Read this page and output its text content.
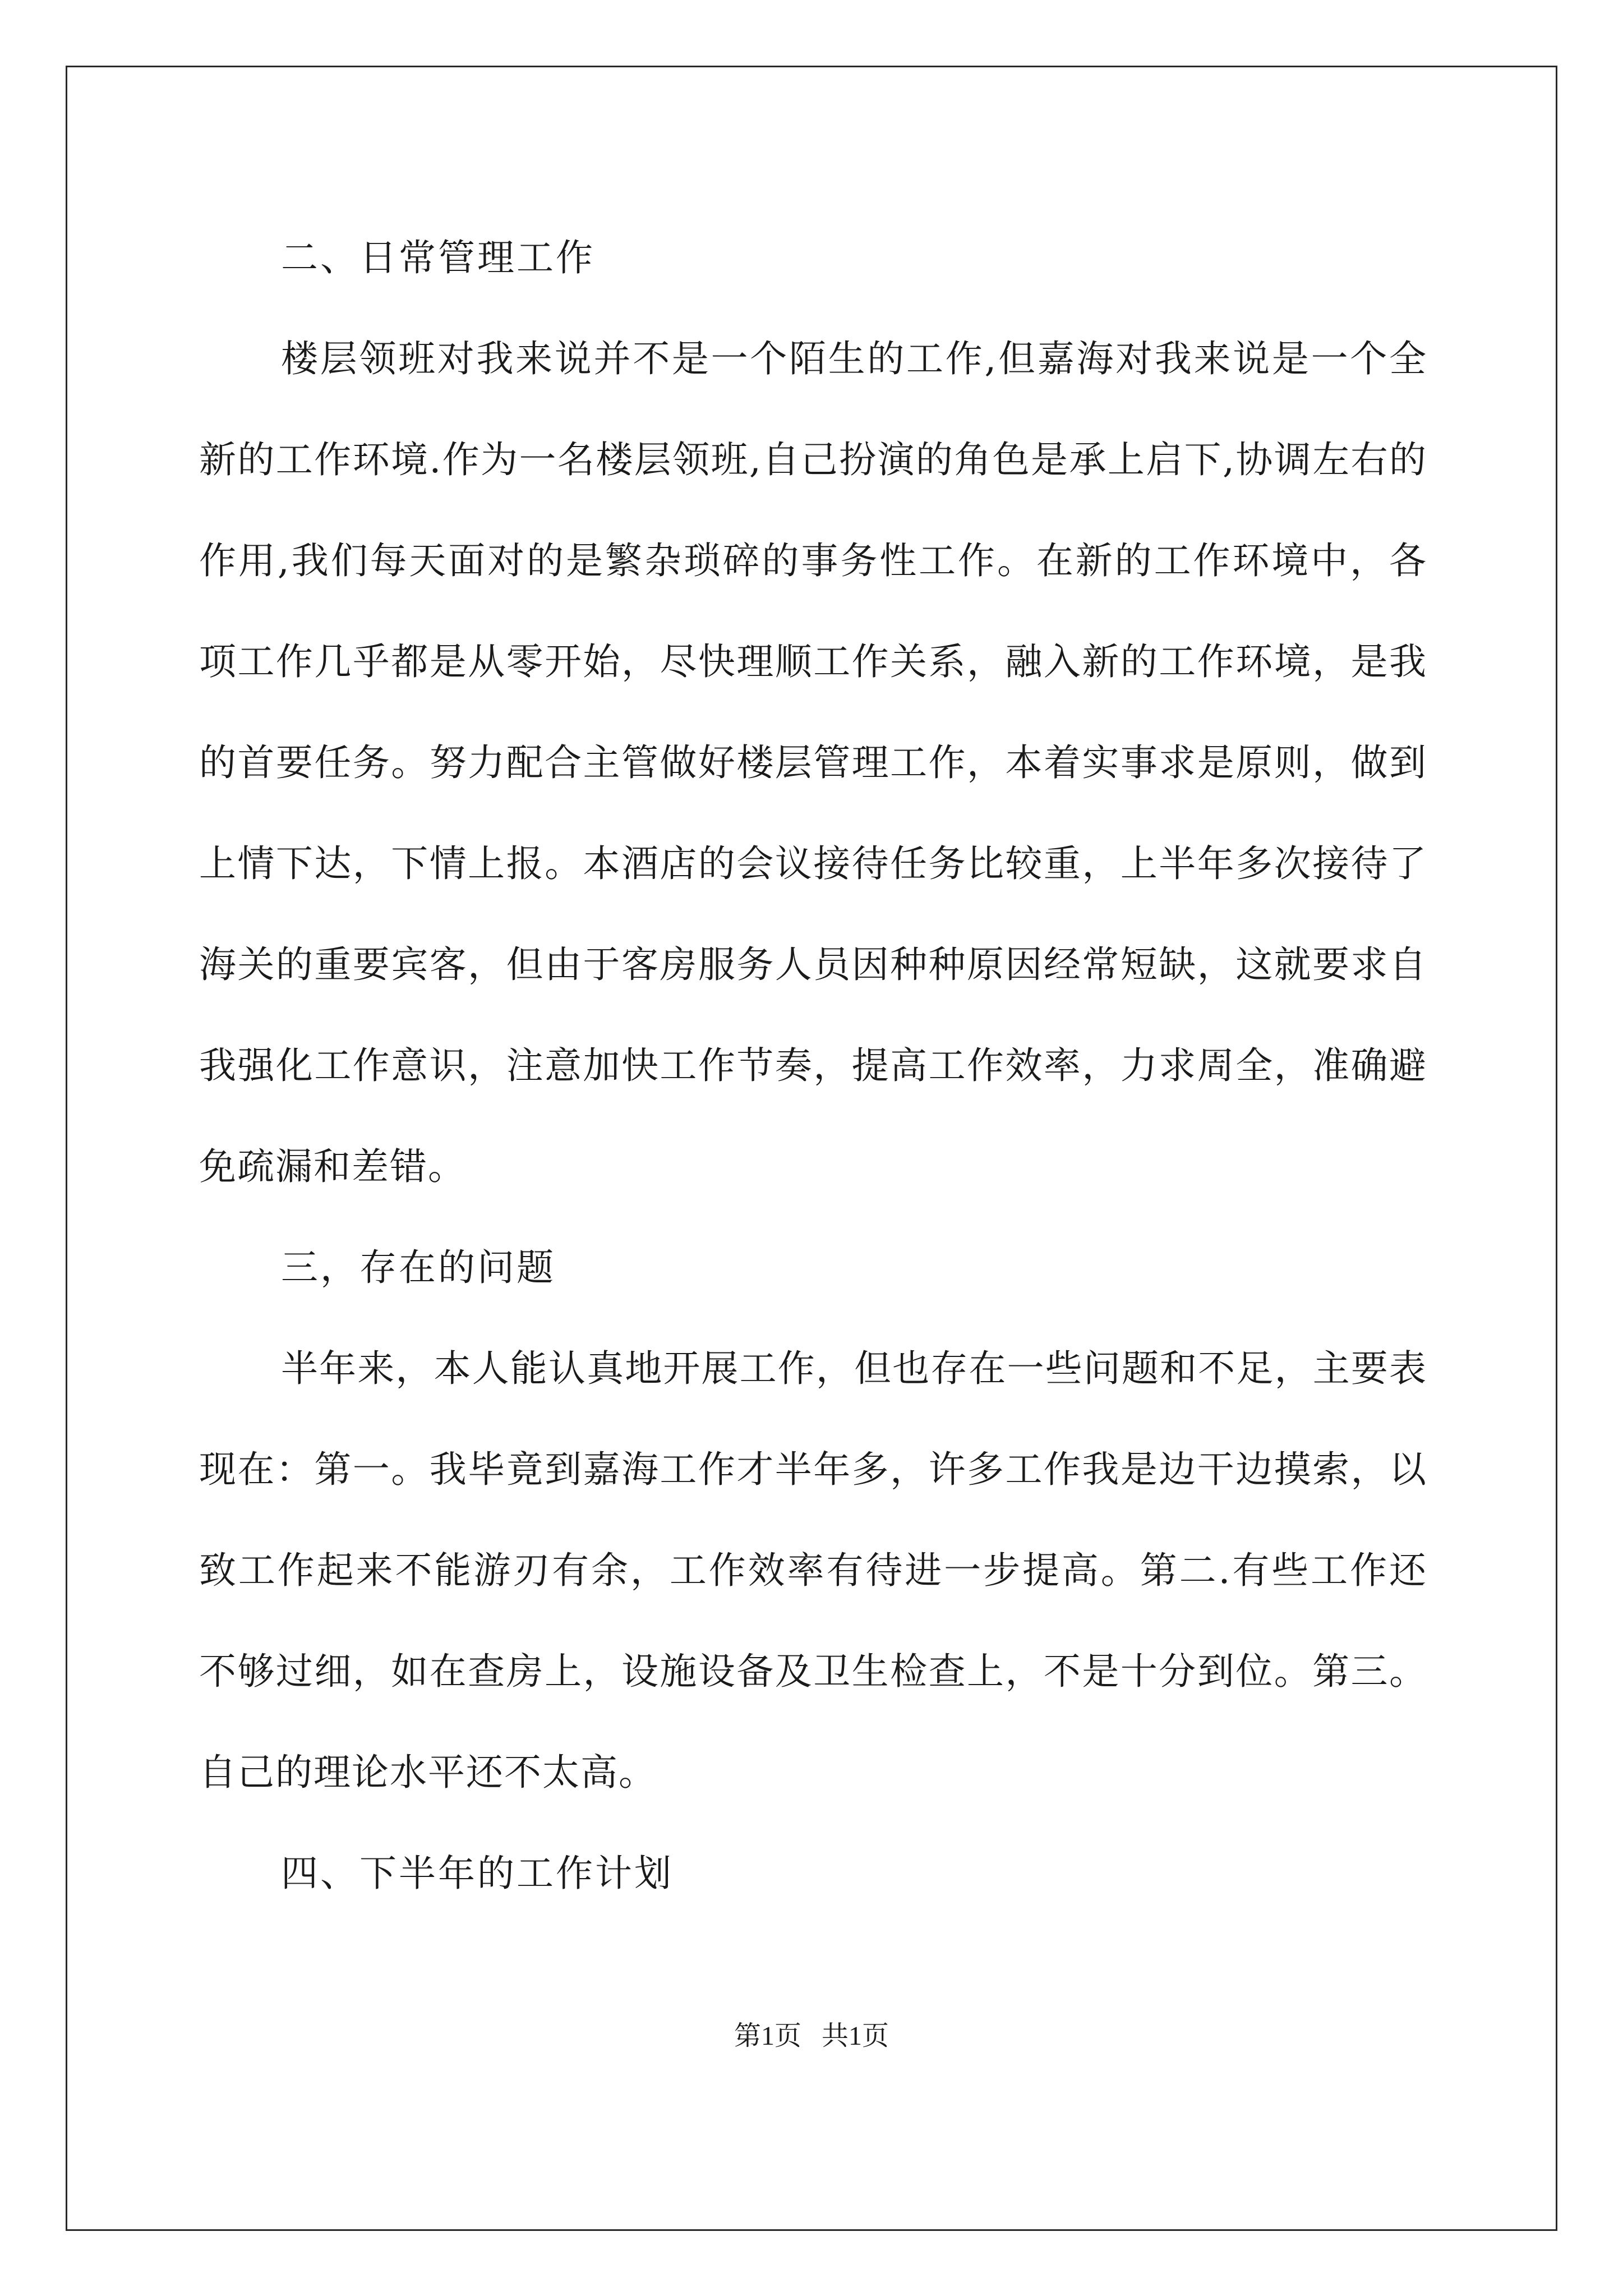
二、日常管理工作

楼层领班对我来说并不是一个陌生的工作,但嘉海对我来说是一个全新的工作环境.作为一名楼层领班,自己扮演的角色是承上启下,协调左右的作用,我们每天面对的是繁杂琐碎的事务性工作。在新的工作环境中，各项工作几乎都是从零开始，尽快理顺工作关系，融入新的工作环境，是我的首要任务。努力配合主管做好楼层管理工作，本着实事求是原则，做到上情下达，下情上报。本酒店的会议接待任务比较重，上半年多次接待了海关的重要宾客，但由于客房服务人员因种种原因经常短缺，这就要求自我强化工作意识，注意加快工作节奏，提高工作效率，力求周全，准确避免疏漏和差错。

三，存在的问题

半年来，本人能认真地开展工作，但也存在一些问题和不足，主要表现在：第一。我毕竟到嘉海工作才半年多，许多工作我是边干边摸索，以致工作起来不能游刃有余，工作效率有待进一步提高。第二.有些工作还不够过细，如在查房上，设施设备及卫生检查上，不是十分到位。第三。自己的理论水平还不太高。

四、下半年的工作计划
第1页   共1页
